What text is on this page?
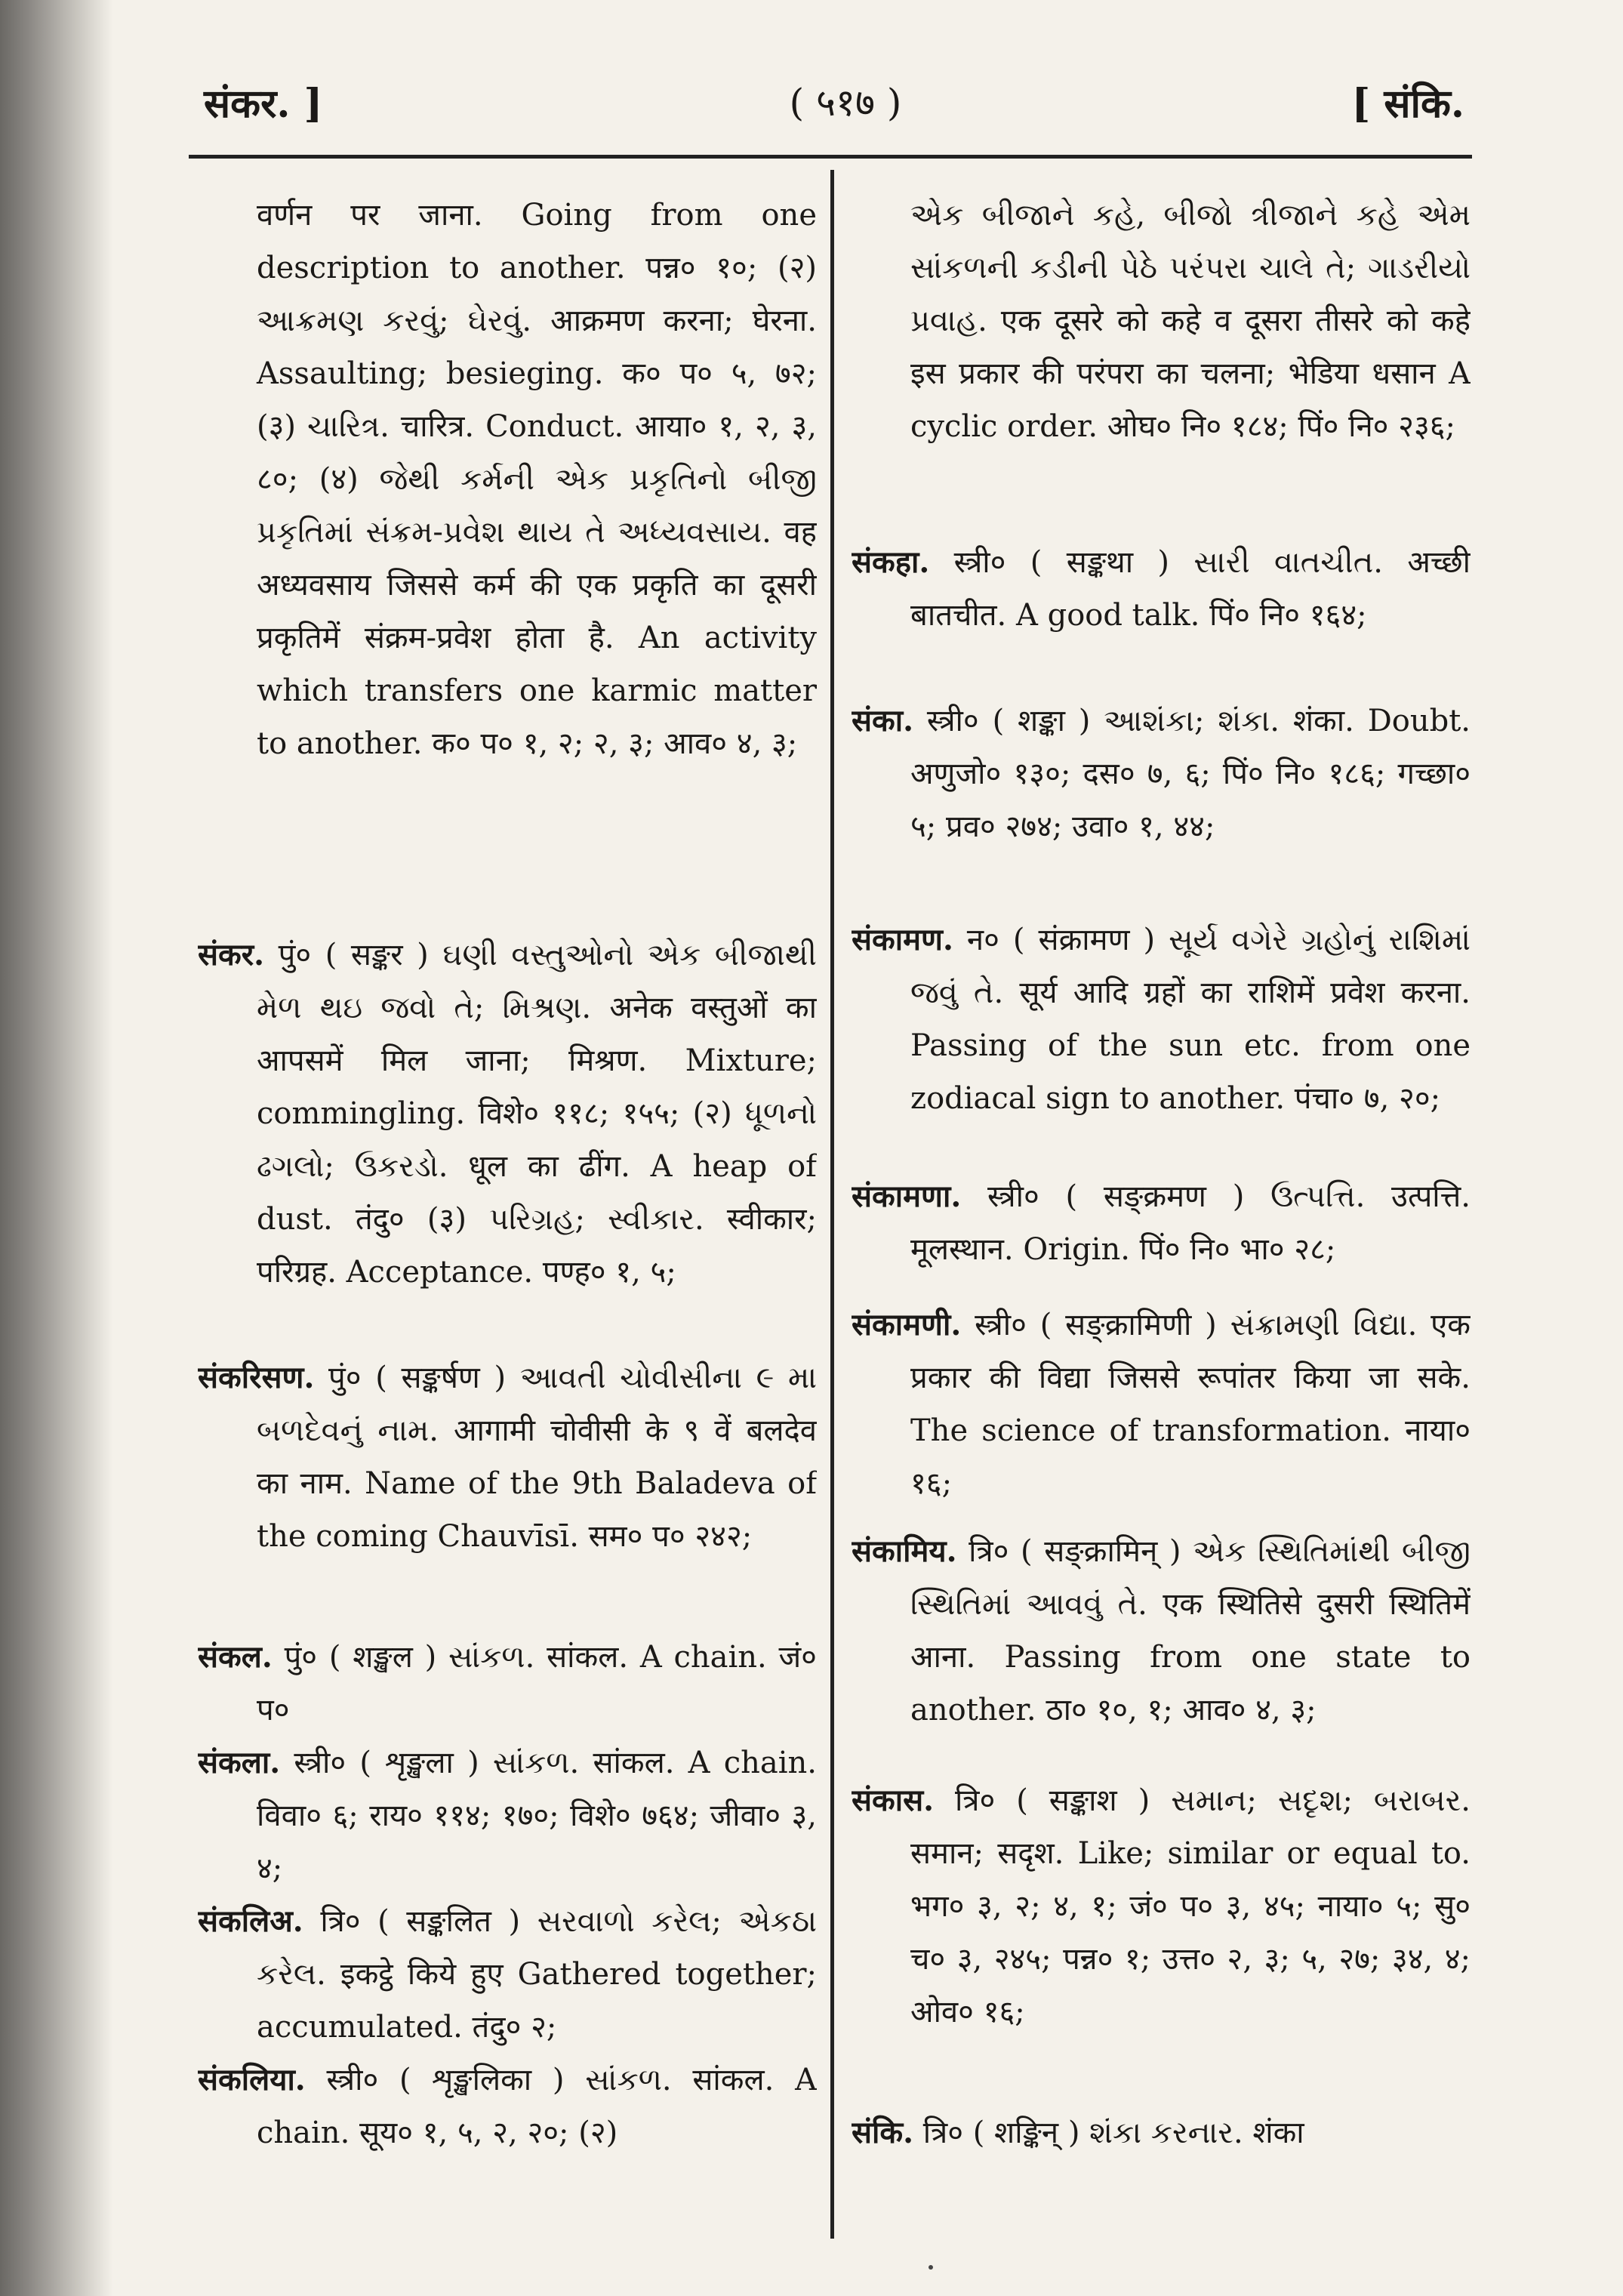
संकर. ]	( ५१७ )	[ संकि.

वर्णन पर जाना. Going from one description to another. पन्न० १०; (२) આક્રમણ કરવું; ઘેરવું. आक्रमण करना; घेरना. Assaulting; besieging. क० प० ५, ७२; (३) ચારિત્ર. चारित्र. Conduct. आया० १, २, ३, ८०; (४) જેથી કર્મની એક પ્રકૃતિનો બીજી પ્રકૃતિમાં સંક્રમ-પ્રવેશ થાય તે અધ્યવસાય. वह अध्यवसाय जिससे कर्म की एक प्रकृति का दूसरी प्रकृतिमें संक्रम-प्रवेश होता है. An activity which transfers one karmic matter to another. क० प० १, २; २, ३; आव० ४, ३;

संकर. पुं० ( सङ्कर ) ઘણી વસ્તુઓનો એક બીજાથી મેળ થઇ જવો તે; મિશ્રણ. अनेक वस्तुओं का आपसमें मिल जाना; मिश्रण. Mixture; commingling. विशे० ११८; १५५; (२) ધૂળનો ઢગલો; ઉકરડો. धूल का ढींग. A heap of dust. तंदु० (३) પરિગ્રહ; સ્વીકાર. स्वीकार; परिग्रह. Acceptance. पण्ह० १, ५;

संकरिसण. पुं० ( सङ्कर्षण ) આવતી ચોવીસીના ૯ મા બળદેવનું નામ. आगामी चोवीसी के ९ वें बलदेव का नाम. Name of the 9th Baladeva of the coming Chauvīsī. सम० प० २४२;

संकल. पुं० ( शङ्खल ) સાંકળ. सांकल. A chain. जं० प०

संकला. स्त्री० ( शृङ्खला ) સાંકળ. सांकल. A chain. विवा० ६; राय० ११४; १७०; विशे० ७६४; जीवा० ३, ४;

संकलिअ. त्रि० ( सङ्कलित ) સરવાળો કરેલ; એકઠા કરેલ. इकट्ठे किये हुए Gathered together; accumulated. तंदु० २;

संकलिया. स्त्री० ( शृङ्खलिका ) સાંકળ. सांकल. A chain. सूय० १, ५, २, २०; (२)

એક બીજાને કહે, બીજો ત્રીજાને કહે એમ સાંકળની કડીની પેઠે પરંપરા ચાલે તે; ગાડરીયો પ્રવાહ. एक दूसरे को कहे व दूसरा तीसरे को कहे इस प्रकार की परंपरा का चलना; भेडिया धसान A cyclic order. ओघ० नि० १८४; पिं० नि० २३६;

संकहा. स्त्री० ( सङ्कथा ) સારી વાતચીત. अच्छी बातचीत. A good talk. पिं० नि० १६४;

संका. स्त्री० ( शङ्का ) આશંકા; શંકા. शंका. Doubt. अणुजो० १३०; दस० ७, ६; पिं० नि० १८६; गच्छा० ५; प्रव० २७४; उवा० १, ४४;

संकामण. न० ( संक्रामण ) સૂર્ય વગેરે ગ્રહોનું રાશિમાં જવું તે. सूर्य आदि ग्रहों का राशिमें प्रवेश करना. Passing of the sun etc. from one zodiacal sign to another. पंचा० ७, २०;

संकामणा. स्त्री० ( सङ्क्रमण ) ઉત્પત્તિ. उत्पत्ति. मूलस्थान. Origin. पिं० नि० भा० २८;

संकामणी. स्त्री० ( सङ्क्रामिणी ) સંક્રામણી વિદ્યા. एक प्रकार की विद्या जिससे रूपांतर किया जा सके. The science of transformation. नाया० १६;

संकामिय. त्रि० ( सङ्क्रामिन् ) એક સ્થિતિમાંથી બીજી સ્થિતિમાં આવવું તે. एक स्थितिसे दुसरी स्थितिमें आना. Passing from one state to another. ठा० १०, १; आव० ४, ३;

संकास. त्रि० ( सङ्काश ) સમાન; સદૃશ; બરાબર. समान; सदृश. Like; similar or equal to. भग० ३, २; ४, १; जं० प० ३, ४५; नाया० ५; सु० च० ३, २४५; पन्न० १; उत्त० २, ३; ५, २७; ३४, ४; ओव० १६;

संकि. त्रि० ( शङ्किन् ) શંકા કરનાર. शंका
